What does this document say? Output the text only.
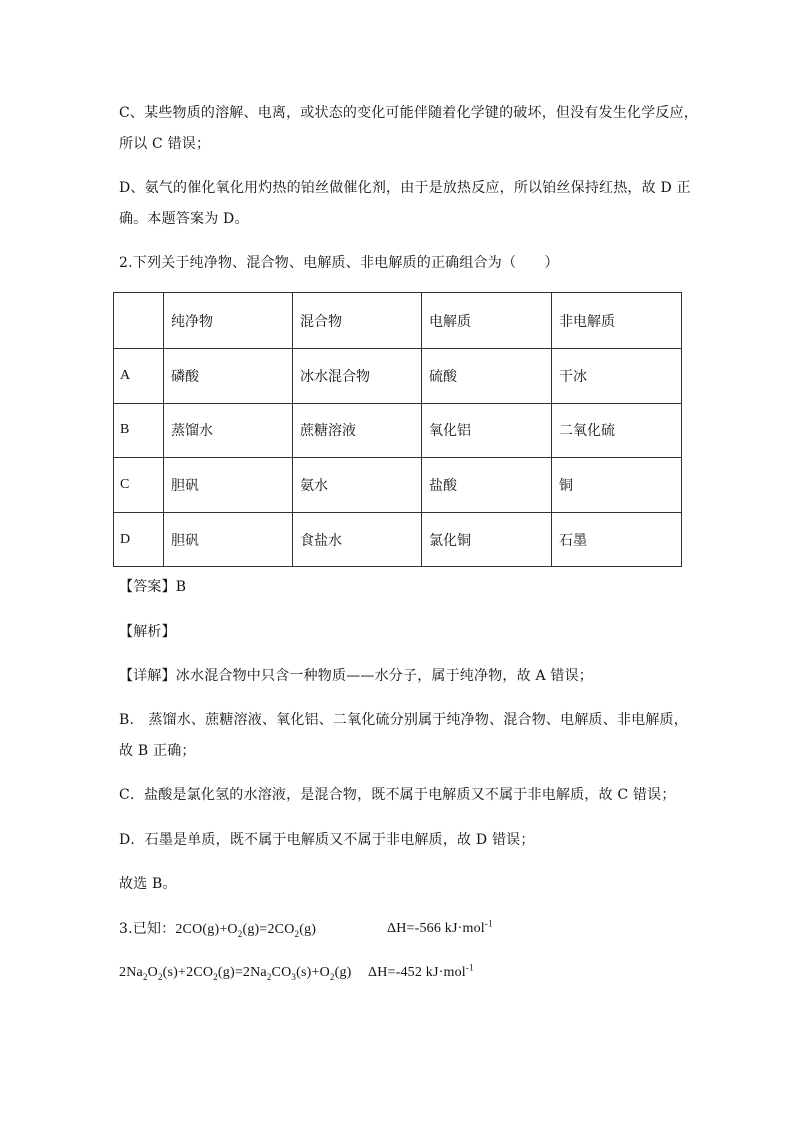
C、某些物质的溶解、电离，或状态的变化可能伴随着化学键的破坏，但没有发生化学反应，
所以 C 错误；
D、氨气的催化氧化用灼热的铂丝做催化剂，由于是放热反应，所以铂丝保持红热，故 D 正
确。本题答案为 D。
2.下列关于纯净物、混合物、电解质、非电解质的正确组合为（　　）
	纯净物	混合物	电解质	非电解质
A	磷酸	冰水混合物	硫酸	干冰
B	蒸馏水	蔗糖溶液	氧化铝	二氧化硫
C	胆矾	氨水	盐酸	铜
D	胆矾	食盐水	氯化铜	石墨
【答案】B
【解析】
【详解】冰水混合物中只含一种物质——水分子，属于纯净物，故 A 错误；
B． 蒸馏水、蔗糖溶液、氧化铝、二氧化硫分别属于纯净物、混合物、电解质、非电解质，
故 B 正确；
C．盐酸是氯化氢的水溶液，是混合物，既不属于电解质又不属于非电解质，故 C 错误；
D．石墨是单质，既不属于电解质又不属于非电解质，故 D 错误；
故选 B。
3.已知：$2CO(g)+O_2(g)=2CO_2(g)$	ΔH=-566 kJ·mol$^{-1}$
$2Na_2O_2(s)+2CO_2(g)=2Na_2CO_3(s)+O_2(g)$ ΔH=-452 kJ·mol$^{-1}$
